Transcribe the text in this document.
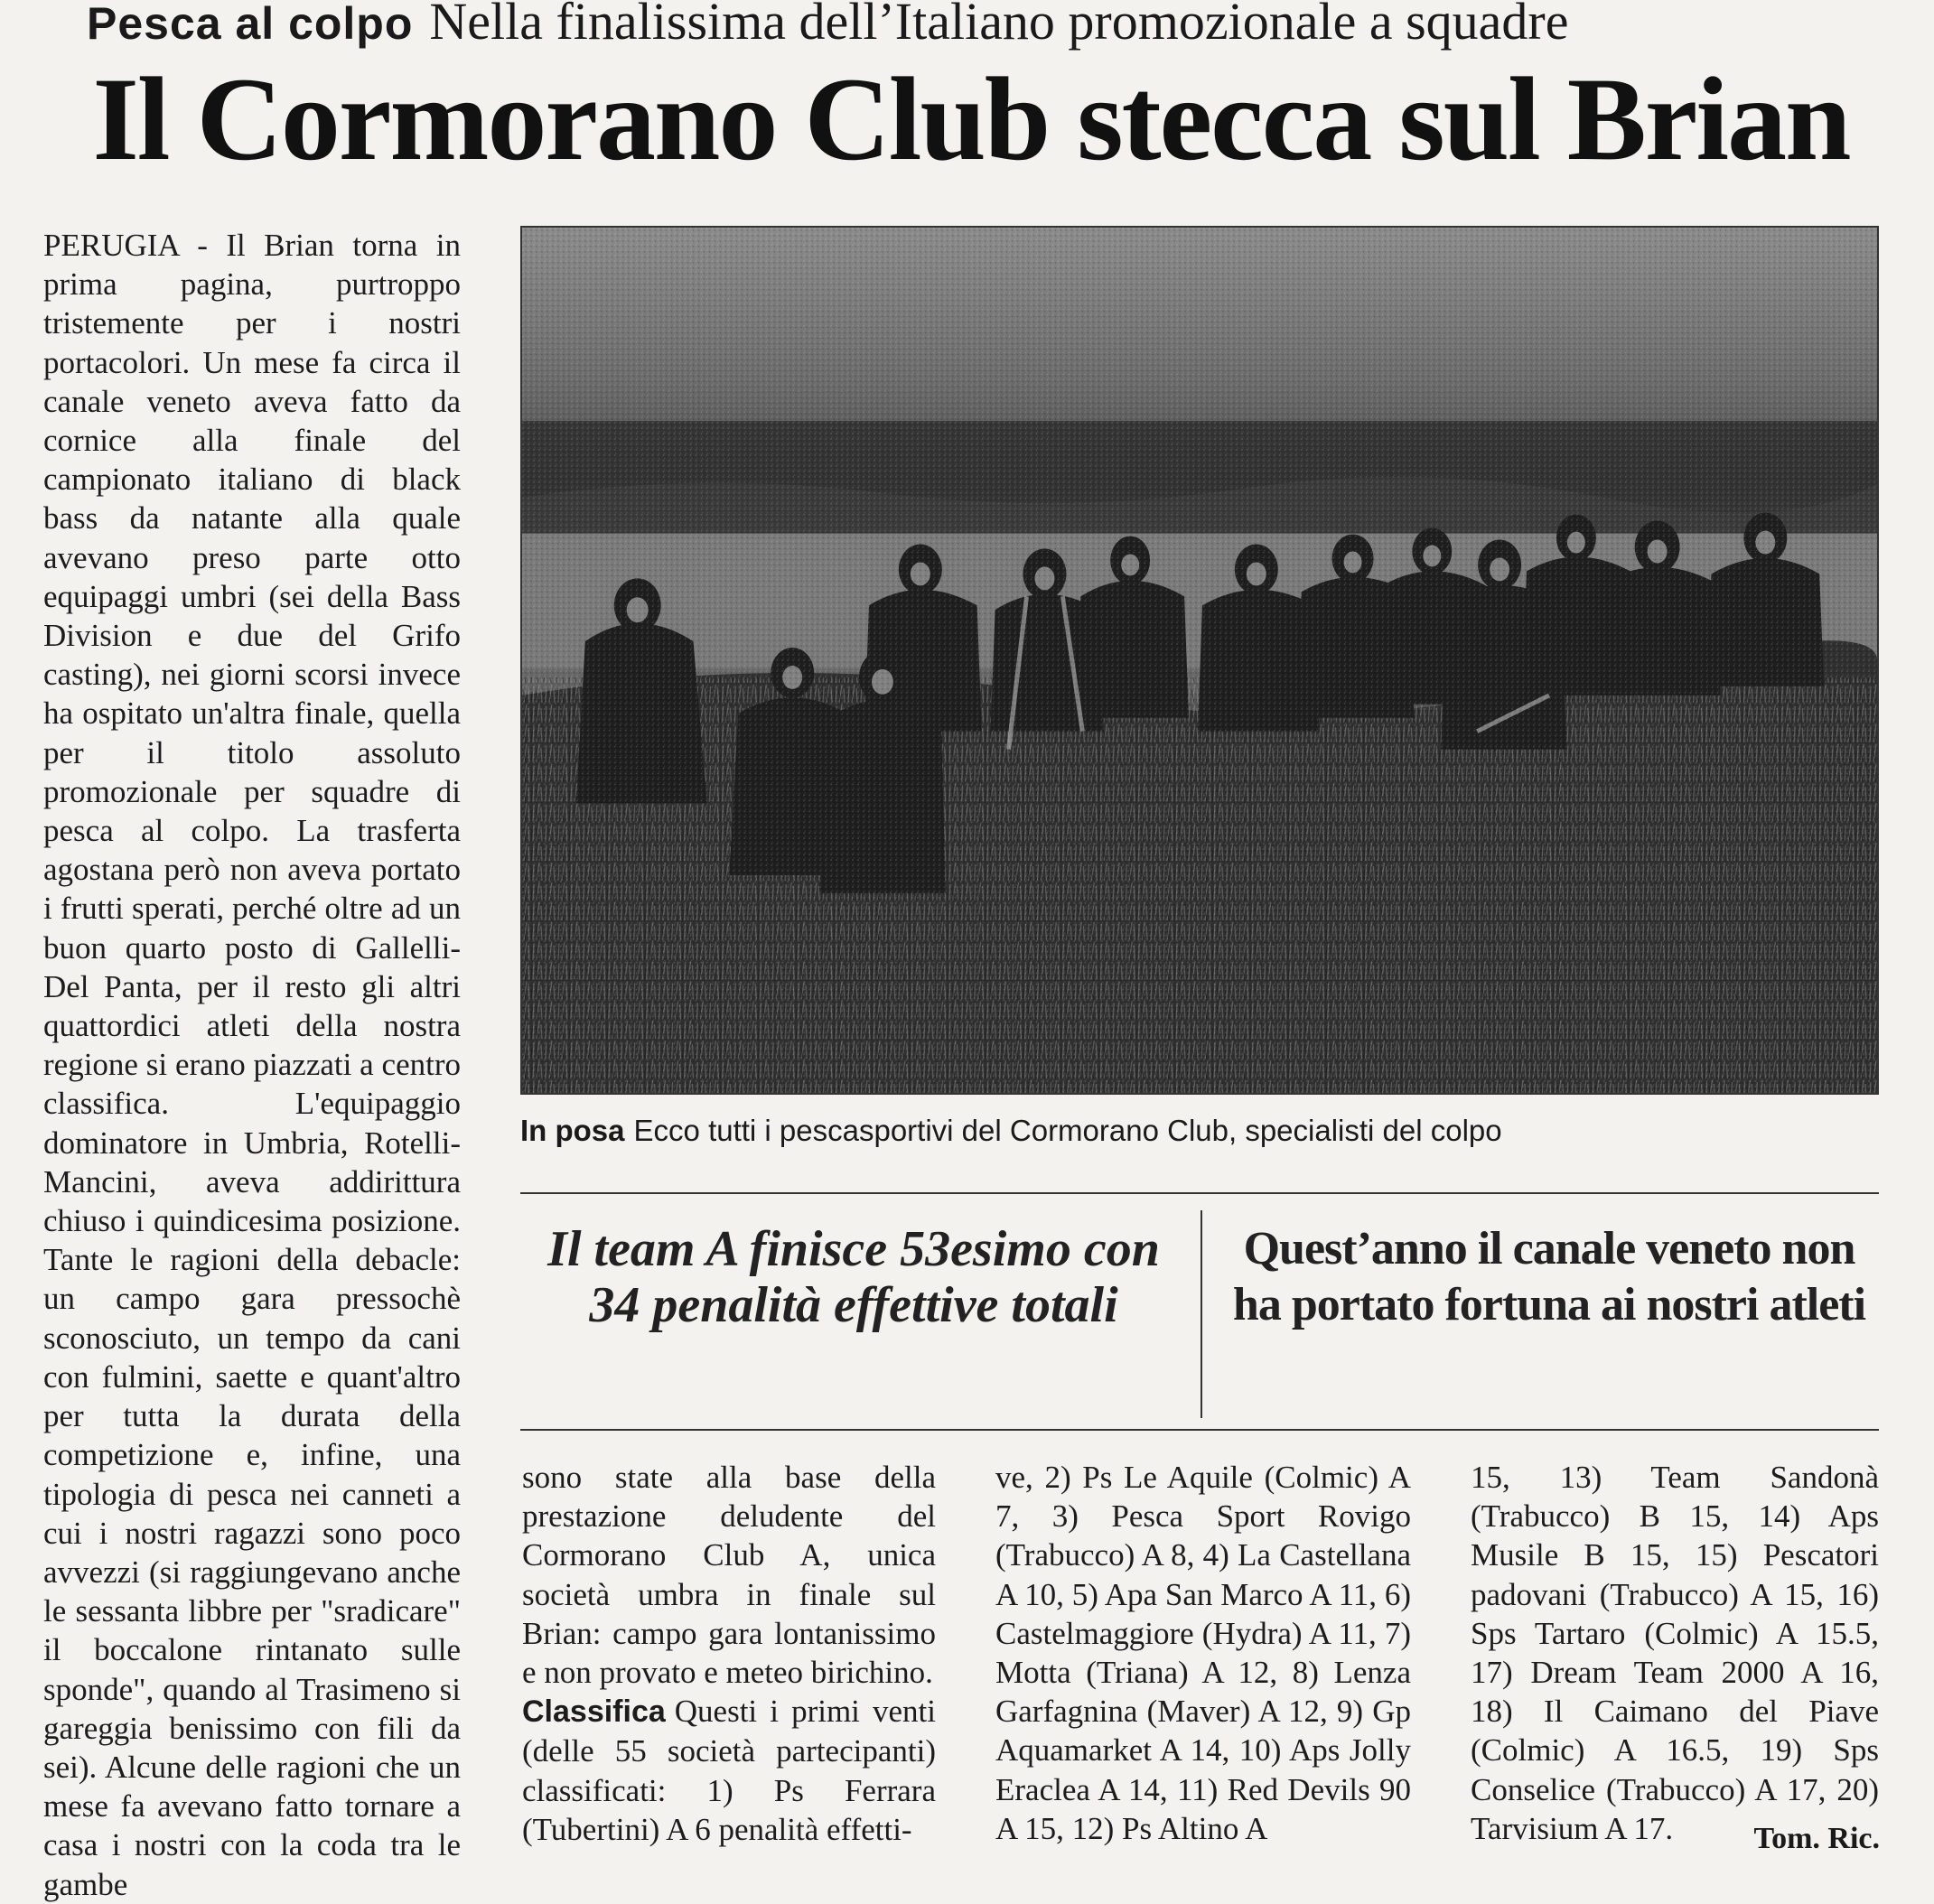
Pesca al colpo Nella finalissima dell’Italiano promozionale a squadre
Il Cormorano Club stecca sul Brian
PERUGIA - Il Brian torna in prima pagina, purtroppo tristemente per i nostri portacolori. Un mese fa circa il canale veneto aveva fatto da cornice alla finale del campionato italiano di black bass da natante alla quale avevano preso parte otto equipaggi umbri (sei della Bass Division e due del Grifo casting), nei giorni scorsi invece ha ospitato un'altra finale, quella per il titolo assoluto promozionale per squadre di pesca al colpo. La trasferta agostana però non aveva portato i frutti sperati, perché oltre ad un buon quarto posto di Gallelli-Del Panta, per il resto gli altri quattordici atleti della nostra regione si erano piazzati a centro classifica. L'equipaggio dominatore in Umbria, Rotelli-Mancini, aveva addirittura chiuso i quindicesima posizione. Tante le ragioni della debacle: un campo gara pressochè sconosciuto, un tempo da cani con fulmini, saette e quant'altro per tutta la durata della competizione e, infine, una tipologia di pesca nei canneti a cui i nostri ragazzi sono poco avvezzi (si raggiungevano anche le sessanta libbre per "sradicare" il boccalone rintanato sulle sponde", quando al Trasimeno si gareggia benissimo con fili da sei). Alcune delle ragioni che un mese fa avevano fatto tornare a casa i nostri con la coda tra le gambe
In posa Ecco tutti i pescasportivi del Cormorano Club, specialisti del colpo
Il team A finisce 53esimo con 34 penalità effettive totali
Quest’anno il canale veneto non ha portato fortuna ai nostri atleti
sono state alla base della prestazione deludente del Cormorano Club A, unica società umbra in finale sul Brian: campo gara lontanissimo e non provato e meteo birichino.
Classifica Questi i primi venti (delle 55 società partecipanti) classificati: 1) Ps Ferrara (Tubertini) A 6 penalità effetti-
ve, 2) Ps Le Aquile (Colmic) A 7, 3) Pesca Sport Rovigo (Trabucco) A 8, 4) La Castellana A 10, 5) Apa San Marco A 11, 6) Castelmaggiore (Hydra) A 11, 7) Motta (Triana) A 12, 8) Lenza Garfagnina (Maver) A 12, 9) Gp Aquamarket A 14, 10) Aps Jolly Eraclea A 14, 11) Red Devils 90 A 15, 12) Ps Altino A
15, 13) Team Sandonà (Trabucco) B 15, 14) Aps Musile B 15, 15) Pescatori padovani (Trabucco) A 15, 16) Sps Tartaro (Colmic) A 15.5, 17) Dream Team 2000 A 16, 18) Il Caimano del Piave (Colmic) A 16.5, 19) Sps Conselice (Trabucco) A 17, 20) Tarvisium A 17.	Tom. Ric.
